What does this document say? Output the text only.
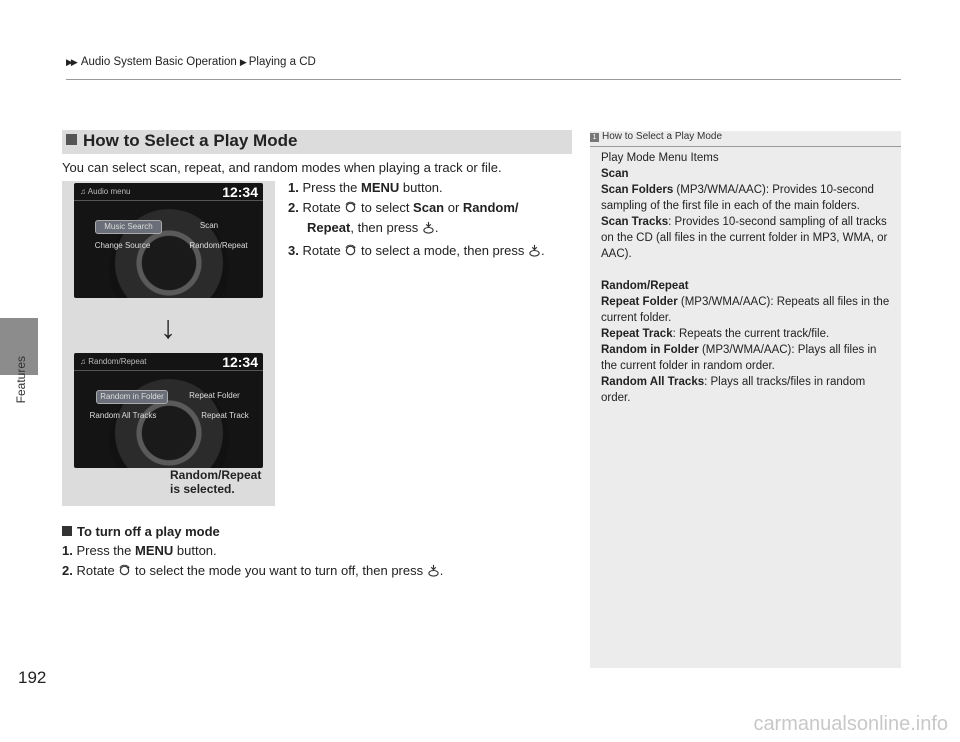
▶▶ Audio System Basic Operation ▶ Playing a CD
Features
192
How to Select a Play Mode
You can select scan, repeat, and random modes when playing a track or file.
1. Press the MENU button.
2. Rotate  to select Scan or Random/
Repeat, then press .
3. Rotate  to select a mode, then press .
♫ Audio menu	12:34
Music Search	Scan
Change Source	Random/Repeat
↓
♫ Random/Repeat	12:34
Random in Folder	Repeat Folder
Random All Tracks	Repeat Track
Random/Repeat
is selected.
To turn off a play mode
1. Press the MENU button.
2. Rotate  to select the mode you want to turn off, then press .
1 How to Select a Play Mode

Play Mode Menu Items

Scan

Scan Folders (MP3/WMA/AAC): Provides 10-second sampling of the first file in each of the main folders.

Scan Tracks: Provides 10-second sampling of all tracks on the CD (all files in the current folder in MP3, WMA, or AAC).

Random/Repeat

Repeat Folder (MP3/WMA/AAC): Repeats all files in the current folder.

Repeat Track: Repeats the current track/file.

Random in Folder (MP3/WMA/AAC): Plays all files in the current folder in random order.

Random All Tracks: Plays all tracks/files in random order.

carmanualsonline.info
